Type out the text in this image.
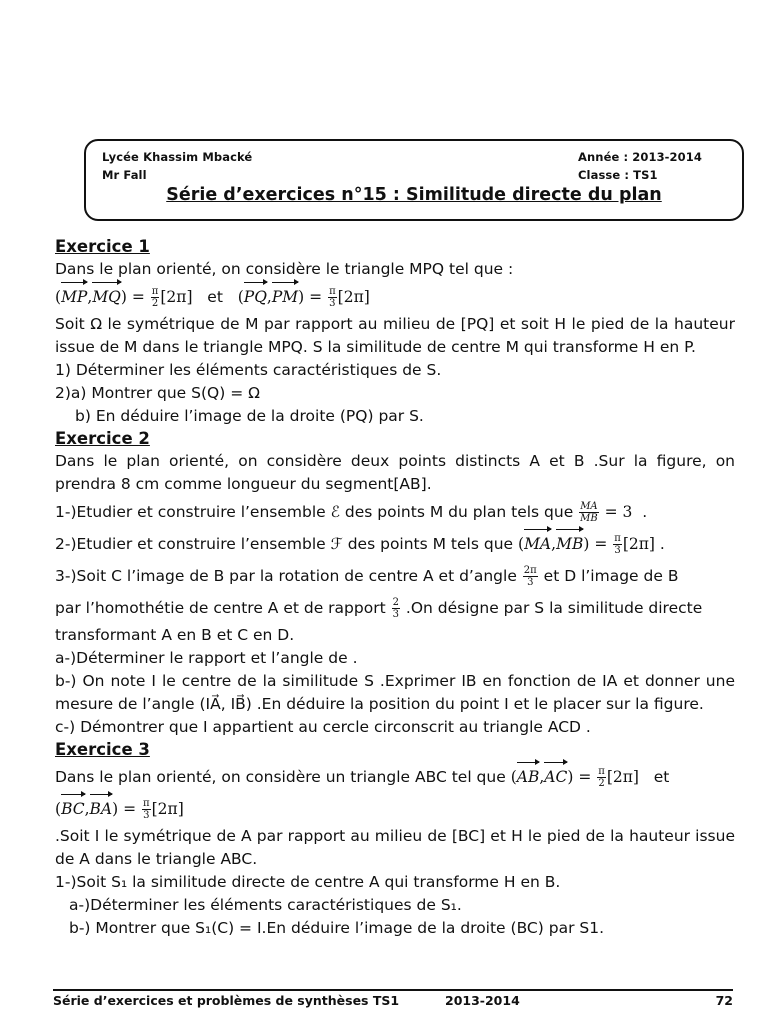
Lycée Khassim Mbacké
Mr Fall
Année : 2013-2014
Classe : TS1
Série d’exercices n°15 : Similitude directe du plan
Exercice 1
Dans le plan orienté, on considère le triangle MPQ tel que :
$(MP,MQ) = \frac{\pi}{2} [2\pi]$   et   $(PQ,PM) = \frac{\pi}{3} [2\pi]$
Soit Ω le symétrique de M par rapport au milieu de [PQ] et soit H le pied de la hauteur issue de M dans le triangle MPQ. S la similitude de centre M qui transforme H en P.
1) Déterminer les éléments caractéristiques de S.
2)a) Montrer que S(Q) = Ω
b) En déduire l’image de la droite (PQ) par S.
Exercice 2
Dans le plan orienté, on considère deux points distincts A et B .Sur la figure, on prendra 8 cm comme longueur du segment[AB].
1-)Etudier et construire l’ensemble ℰ des points M du plan tels que $\frac{MA}{MB} = 3$  .
2-)Etudier et construire l’ensemble ℱ des points M tels que $(MA,MB) = \frac{\pi}{3} [2\pi]$ .
3-)Soit C l’image de B par la rotation de centre A et d’angle $\frac{2\pi}{3}$ et D l’image de B
par l’homothétie de centre A et de rapport $\frac{2}{3} .On$ désigne par S la similitude directe
transformant A en B et C en D.
a-)Déterminer le rapport et l’angle de .
b-) On note I le centre de la similitude S .Exprimer IB en fonction de IA et donner une mesure de l’angle (IA⃗, IB⃗) .En déduire la position du point I et le placer sur la figure.
c-) Démontrer que I appartient au cercle circonscrit au triangle ACD .
Exercice 3
Dans le plan orienté, on considère un triangle ABC tel que $(AB,AC) = \frac{\pi}{2} [2\pi]$   et
$(BC,BA) = \frac{\pi}{3} [2\pi]$
.Soit I le symétrique de A par rapport au milieu de [BC] et H le pied de la hauteur issue de A dans le triangle ABC.
1-)Soit S₁ la similitude directe de centre A qui transforme H en B.
a-)Déterminer les éléments caractéristiques de S₁.
b-) Montrer que S₁(C) = I.En déduire l’image de la droite (BC) par S1.
Série d’exercices et problèmes de synthèses TS1	2013-2014	72
